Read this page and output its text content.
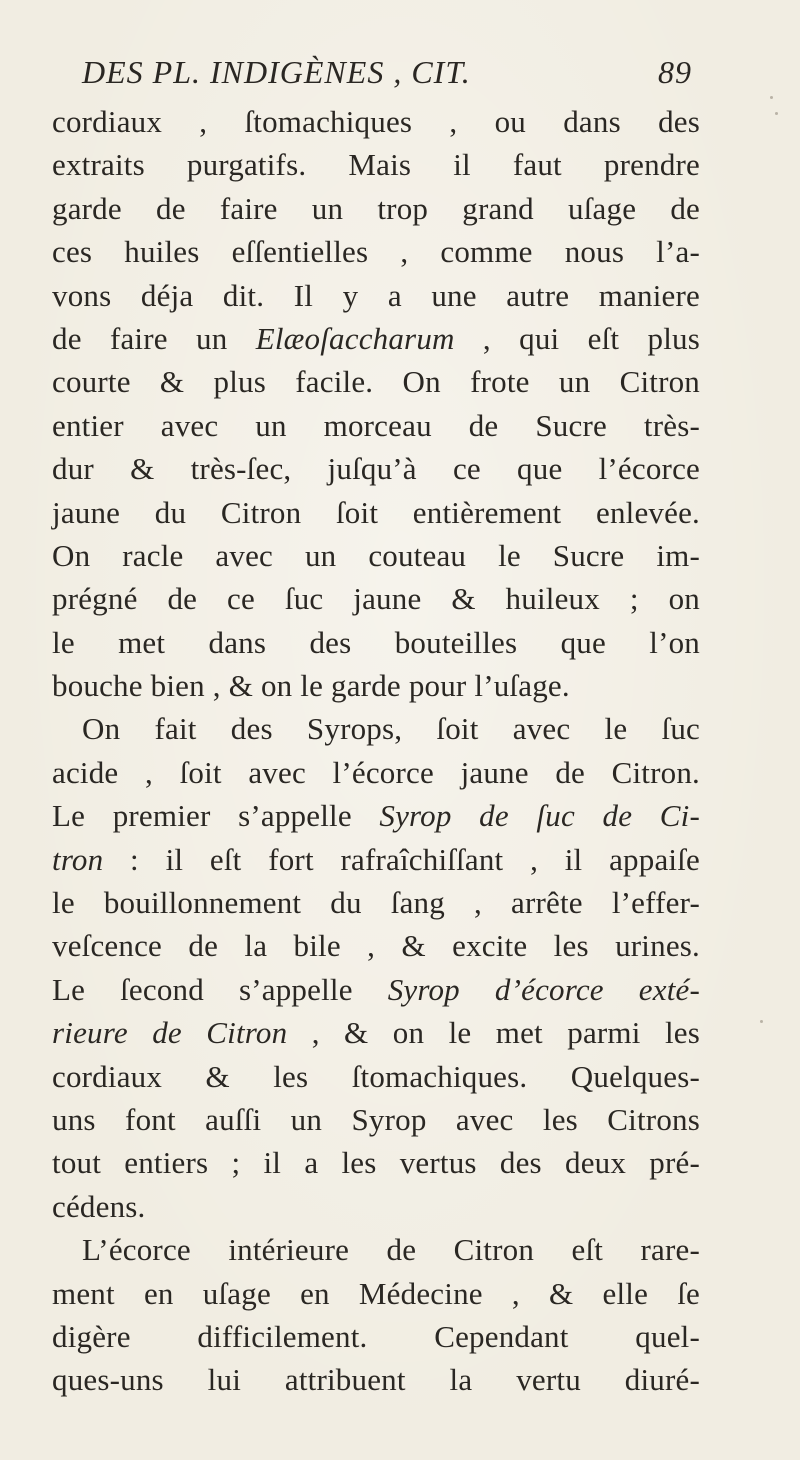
DES PL. INDIGÈNES , CIT.	89
cordiaux , ſtomachiques , ou dans des
extraits purgatifs. Mais il faut prendre
garde de faire un trop grand uſage de
ces huiles eſſentielles , comme nous l’a-
vons déja dit. Il y a une autre maniere
de faire un Elæoſaccharum , qui eſt plus
courte & plus facile. On frote un Citron
entier avec un morceau de Sucre très-
dur & très-ſec, juſqu’à ce que l’écorce
jaune du Citron ſoit entièrement enlevée.
On racle avec un couteau le Sucre im-
prégné de ce ſuc jaune & huileux ; on
le met dans des bouteilles que l’on
bouche bien , & on le garde pour l’uſage.
On fait des Syrops, ſoit avec le ſuc
acide , ſoit avec l’écorce jaune de Citron.
Le premier s’appelle Syrop de ſuc de Ci-
tron : il eſt fort rafraîchiſſant , il appaiſe
le bouillonnement du ſang , arrête l’effer-
veſcence de la bile , & excite les urines.
Le ſecond s’appelle Syrop d’écorce exté-
rieure de Citron , & on le met parmi les
cordiaux & les ſtomachiques. Quelques-
uns font auſſi un Syrop avec les Citrons
tout entiers ; il a les vertus des deux pré-
cédens.
L’écorce intérieure de Citron eſt rare-
ment en uſage en Médecine , & elle ſe
digère difficilement. Cependant quel-
ques-uns lui attribuent la vertu diuré-
